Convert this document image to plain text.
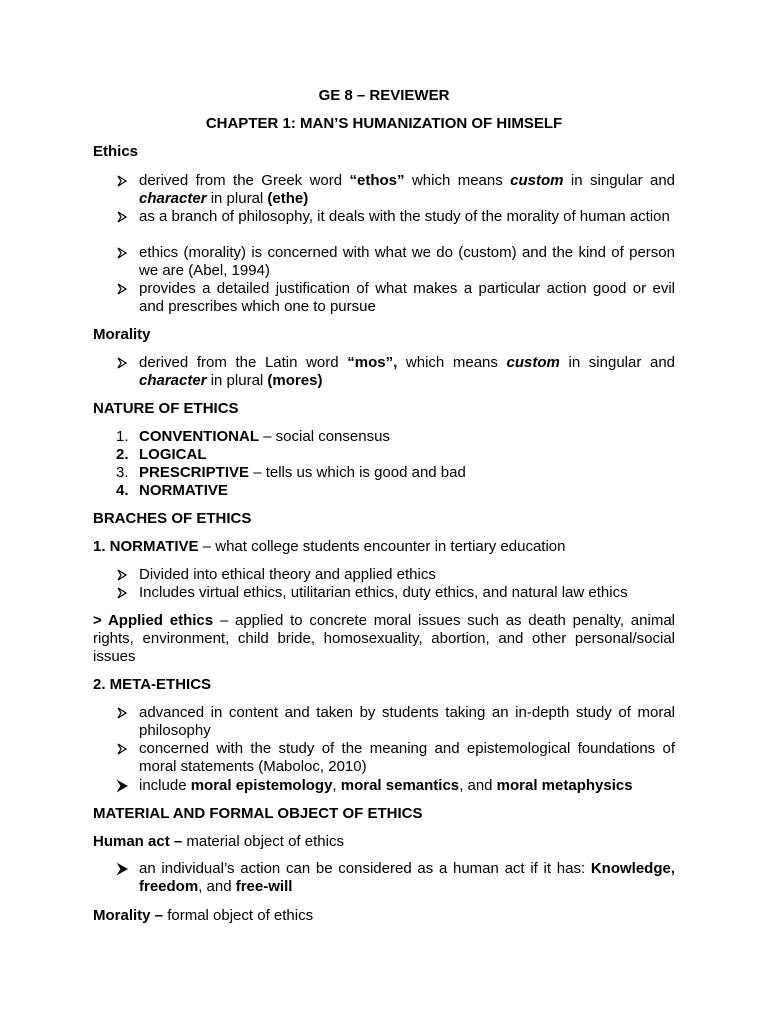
GE 8 – REVIEWER
CHAPTER 1: MAN’S HUMANIZATION OF HIMSELF
Ethics
derived from the Greek word “ethos” which means custom in singular and character in plural (ethe)
as a branch of philosophy, it deals with the study of the morality of human action
ethics (morality) is concerned with what we do (custom) and the kind of person we are (Abel, 1994)
provides a detailed justification of what makes a particular action good or evil and prescribes which one to pursue
Morality
derived from the Latin word “mos”, which means custom in singular and character in plural (mores)
NATURE OF ETHICS
1. CONVENTIONAL – social consensus
2. LOGICAL
3. PRESCRIPTIVE – tells us which is good and bad
4. NORMATIVE
BRACHES OF ETHICS
1. NORMATIVE – what college students encounter in tertiary education
Divided into ethical theory and applied ethics
Includes virtual ethics, utilitarian ethics, duty ethics, and natural law ethics
> Applied ethics – applied to concrete moral issues such as death penalty, animal rights, environment, child bride, homosexuality, abortion, and other personal/social issues
2. META-ETHICS
advanced in content and taken by students taking an in-depth study of moral philosophy
concerned with the study of the meaning and epistemological foundations of moral statements (Maboloc, 2010)
include moral epistemology, moral semantics, and moral metaphysics
MATERIAL AND FORMAL OBJECT OF ETHICS
Human act – material object of ethics
an individual’s action can be considered as a human act if it has: Knowledge, freedom, and free-will
Morality – formal object of ethics
